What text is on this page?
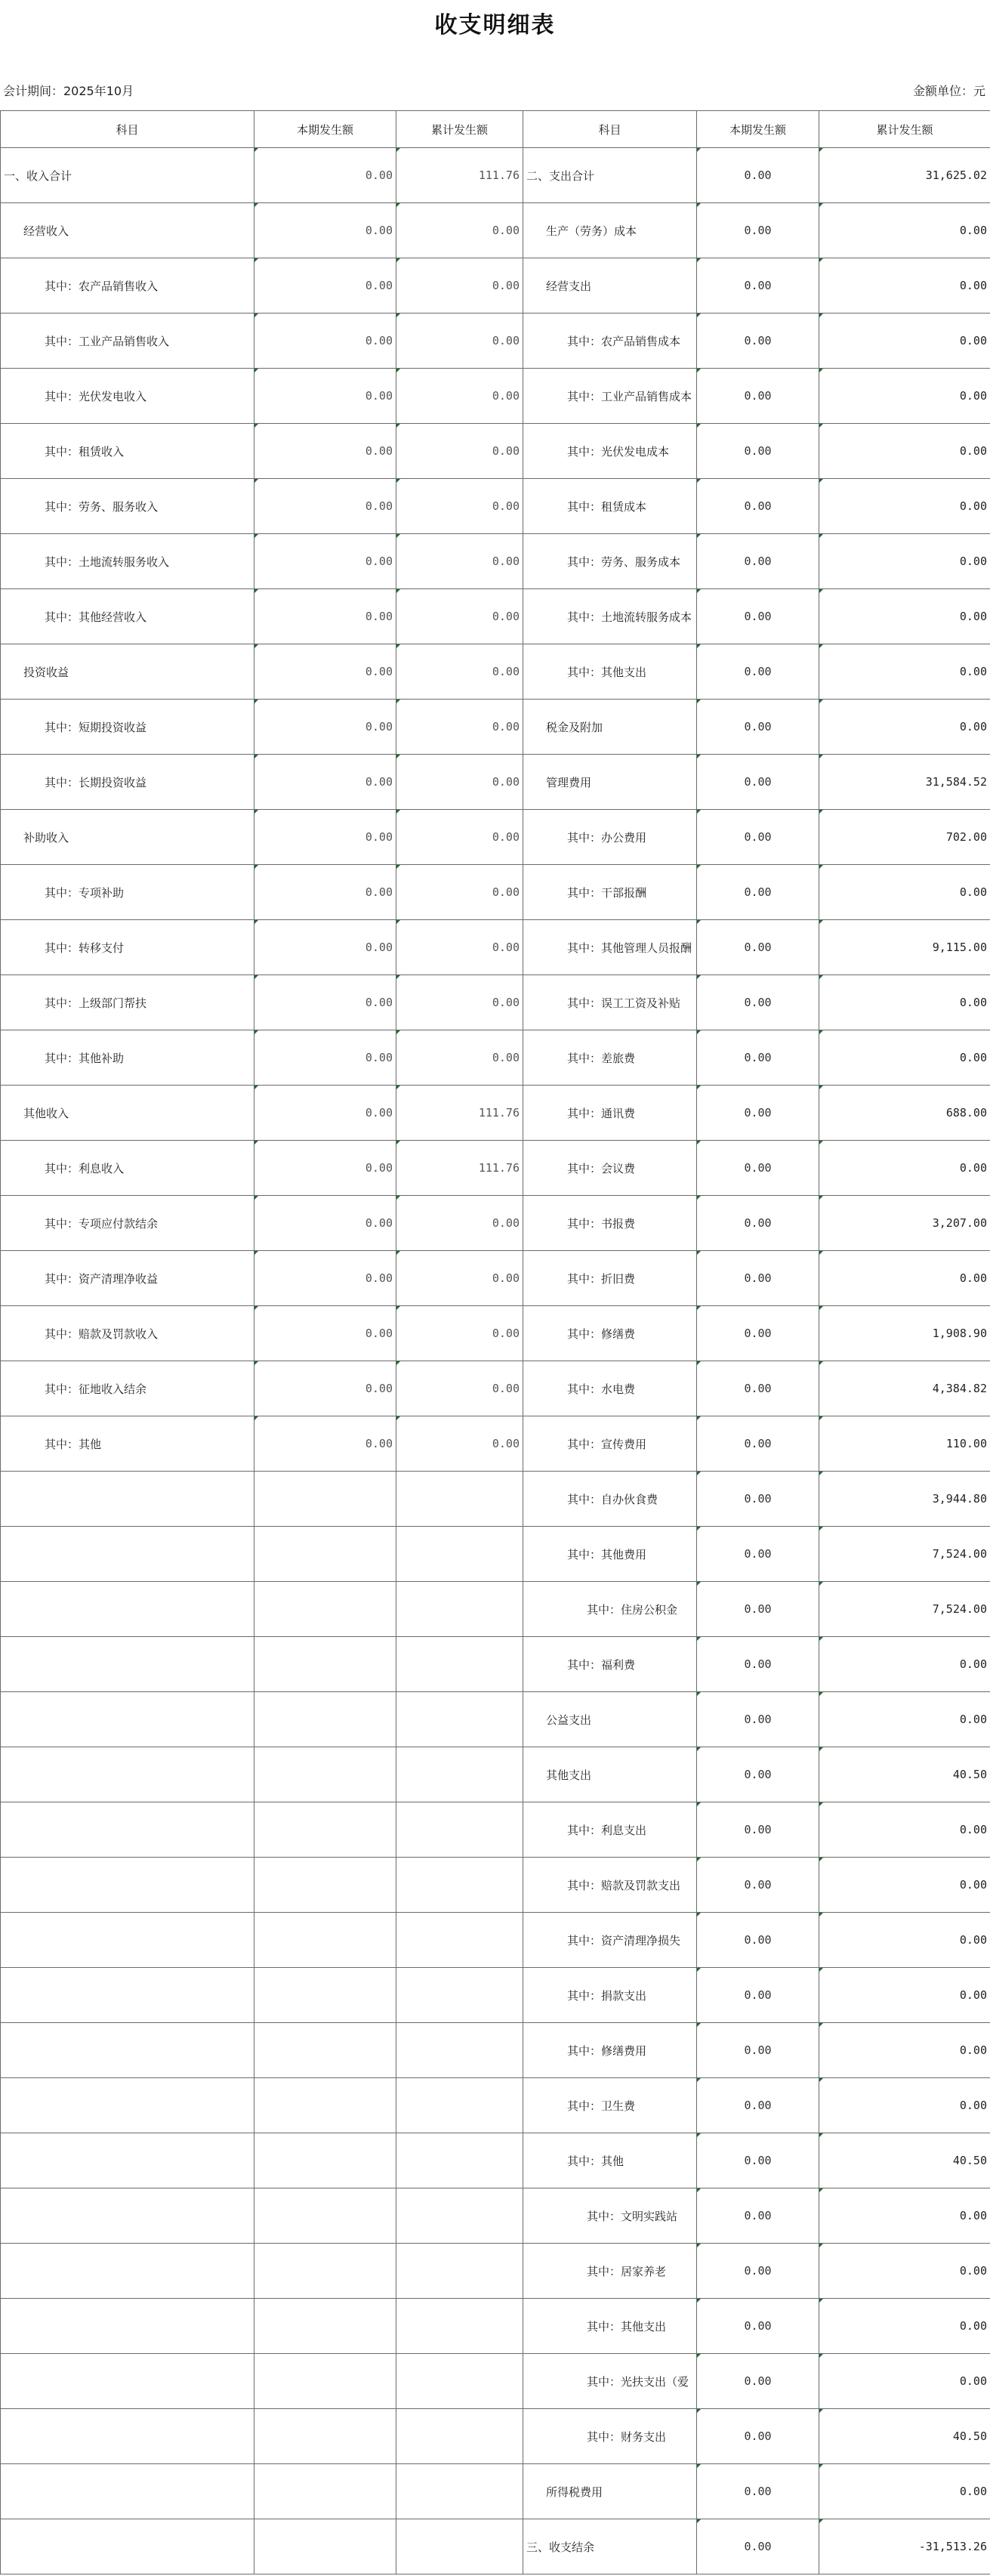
收支明细表
会计期间：2025年10月	金额单位：元
科目	本期发生额	累计发生额	科目	本期发生额	累计发生额
一、收入合计	0.00	111.76	二、支出合计	0.00	31,625.02
经营收入	0.00	0.00	生产（劳务）成本	0.00	0.00
其中：农产品销售收入	0.00	0.00	经营支出	0.00	0.00
其中：工业产品销售收入	0.00	0.00	其中：农产品销售成本	0.00	0.00
其中：光伏发电收入	0.00	0.00	其中：工业产品销售成本	0.00	0.00
其中：租赁收入	0.00	0.00	其中：光伏发电成本	0.00	0.00
其中：劳务、服务收入	0.00	0.00	其中：租赁成本	0.00	0.00
其中：土地流转服务收入	0.00	0.00	其中：劳务、服务成本	0.00	0.00
其中：其他经营收入	0.00	0.00	其中：土地流转服务成本	0.00	0.00
投资收益	0.00	0.00	其中：其他支出	0.00	0.00
其中：短期投资收益	0.00	0.00	税金及附加	0.00	0.00
其中：长期投资收益	0.00	0.00	管理费用	0.00	31,584.52
补助收入	0.00	0.00	其中：办公费用	0.00	702.00
其中：专项补助	0.00	0.00	其中：干部报酬	0.00	0.00
其中：转移支付	0.00	0.00	其中：其他管理人员报酬	0.00	9,115.00
其中：上级部门帮扶	0.00	0.00	其中：误工工资及补贴	0.00	0.00
其中：其他补助	0.00	0.00	其中：差旅费	0.00	0.00
其他收入	0.00	111.76	其中：通讯费	0.00	688.00
其中：利息收入	0.00	111.76	其中：会议费	0.00	0.00
其中：专项应付款结余	0.00	0.00	其中：书报费	0.00	3,207.00
其中：资产清理净收益	0.00	0.00	其中：折旧费	0.00	0.00
其中：赔款及罚款收入	0.00	0.00	其中：修缮费	0.00	1,908.90
其中：征地收入结余	0.00	0.00	其中：水电费	0.00	4,384.82
其中：其他	0.00	0.00	其中：宣传费用	0.00	110.00
			其中：自办伙食费	0.00	3,944.80
			其中：其他费用	0.00	7,524.00
			其中：住房公积金	0.00	7,524.00
			其中：福利费	0.00	0.00
			公益支出	0.00	0.00
			其他支出	0.00	40.50
			其中：利息支出	0.00	0.00
			其中：赔款及罚款支出	0.00	0.00
			其中：资产清理净损失	0.00	0.00
			其中：捐款支出	0.00	0.00
			其中：修缮费用	0.00	0.00
			其中：卫生费	0.00	0.00
			其中：其他	0.00	40.50
			其中：文明实践站	0.00	0.00
			其中：居家养老	0.00	0.00
			其中：其他支出	0.00	0.00
			其中：光扶支出（爱	0.00	0.00
			其中：财务支出	0.00	40.50
			所得税费用	0.00	0.00
			三、收支结余	0.00	-31,513.26
